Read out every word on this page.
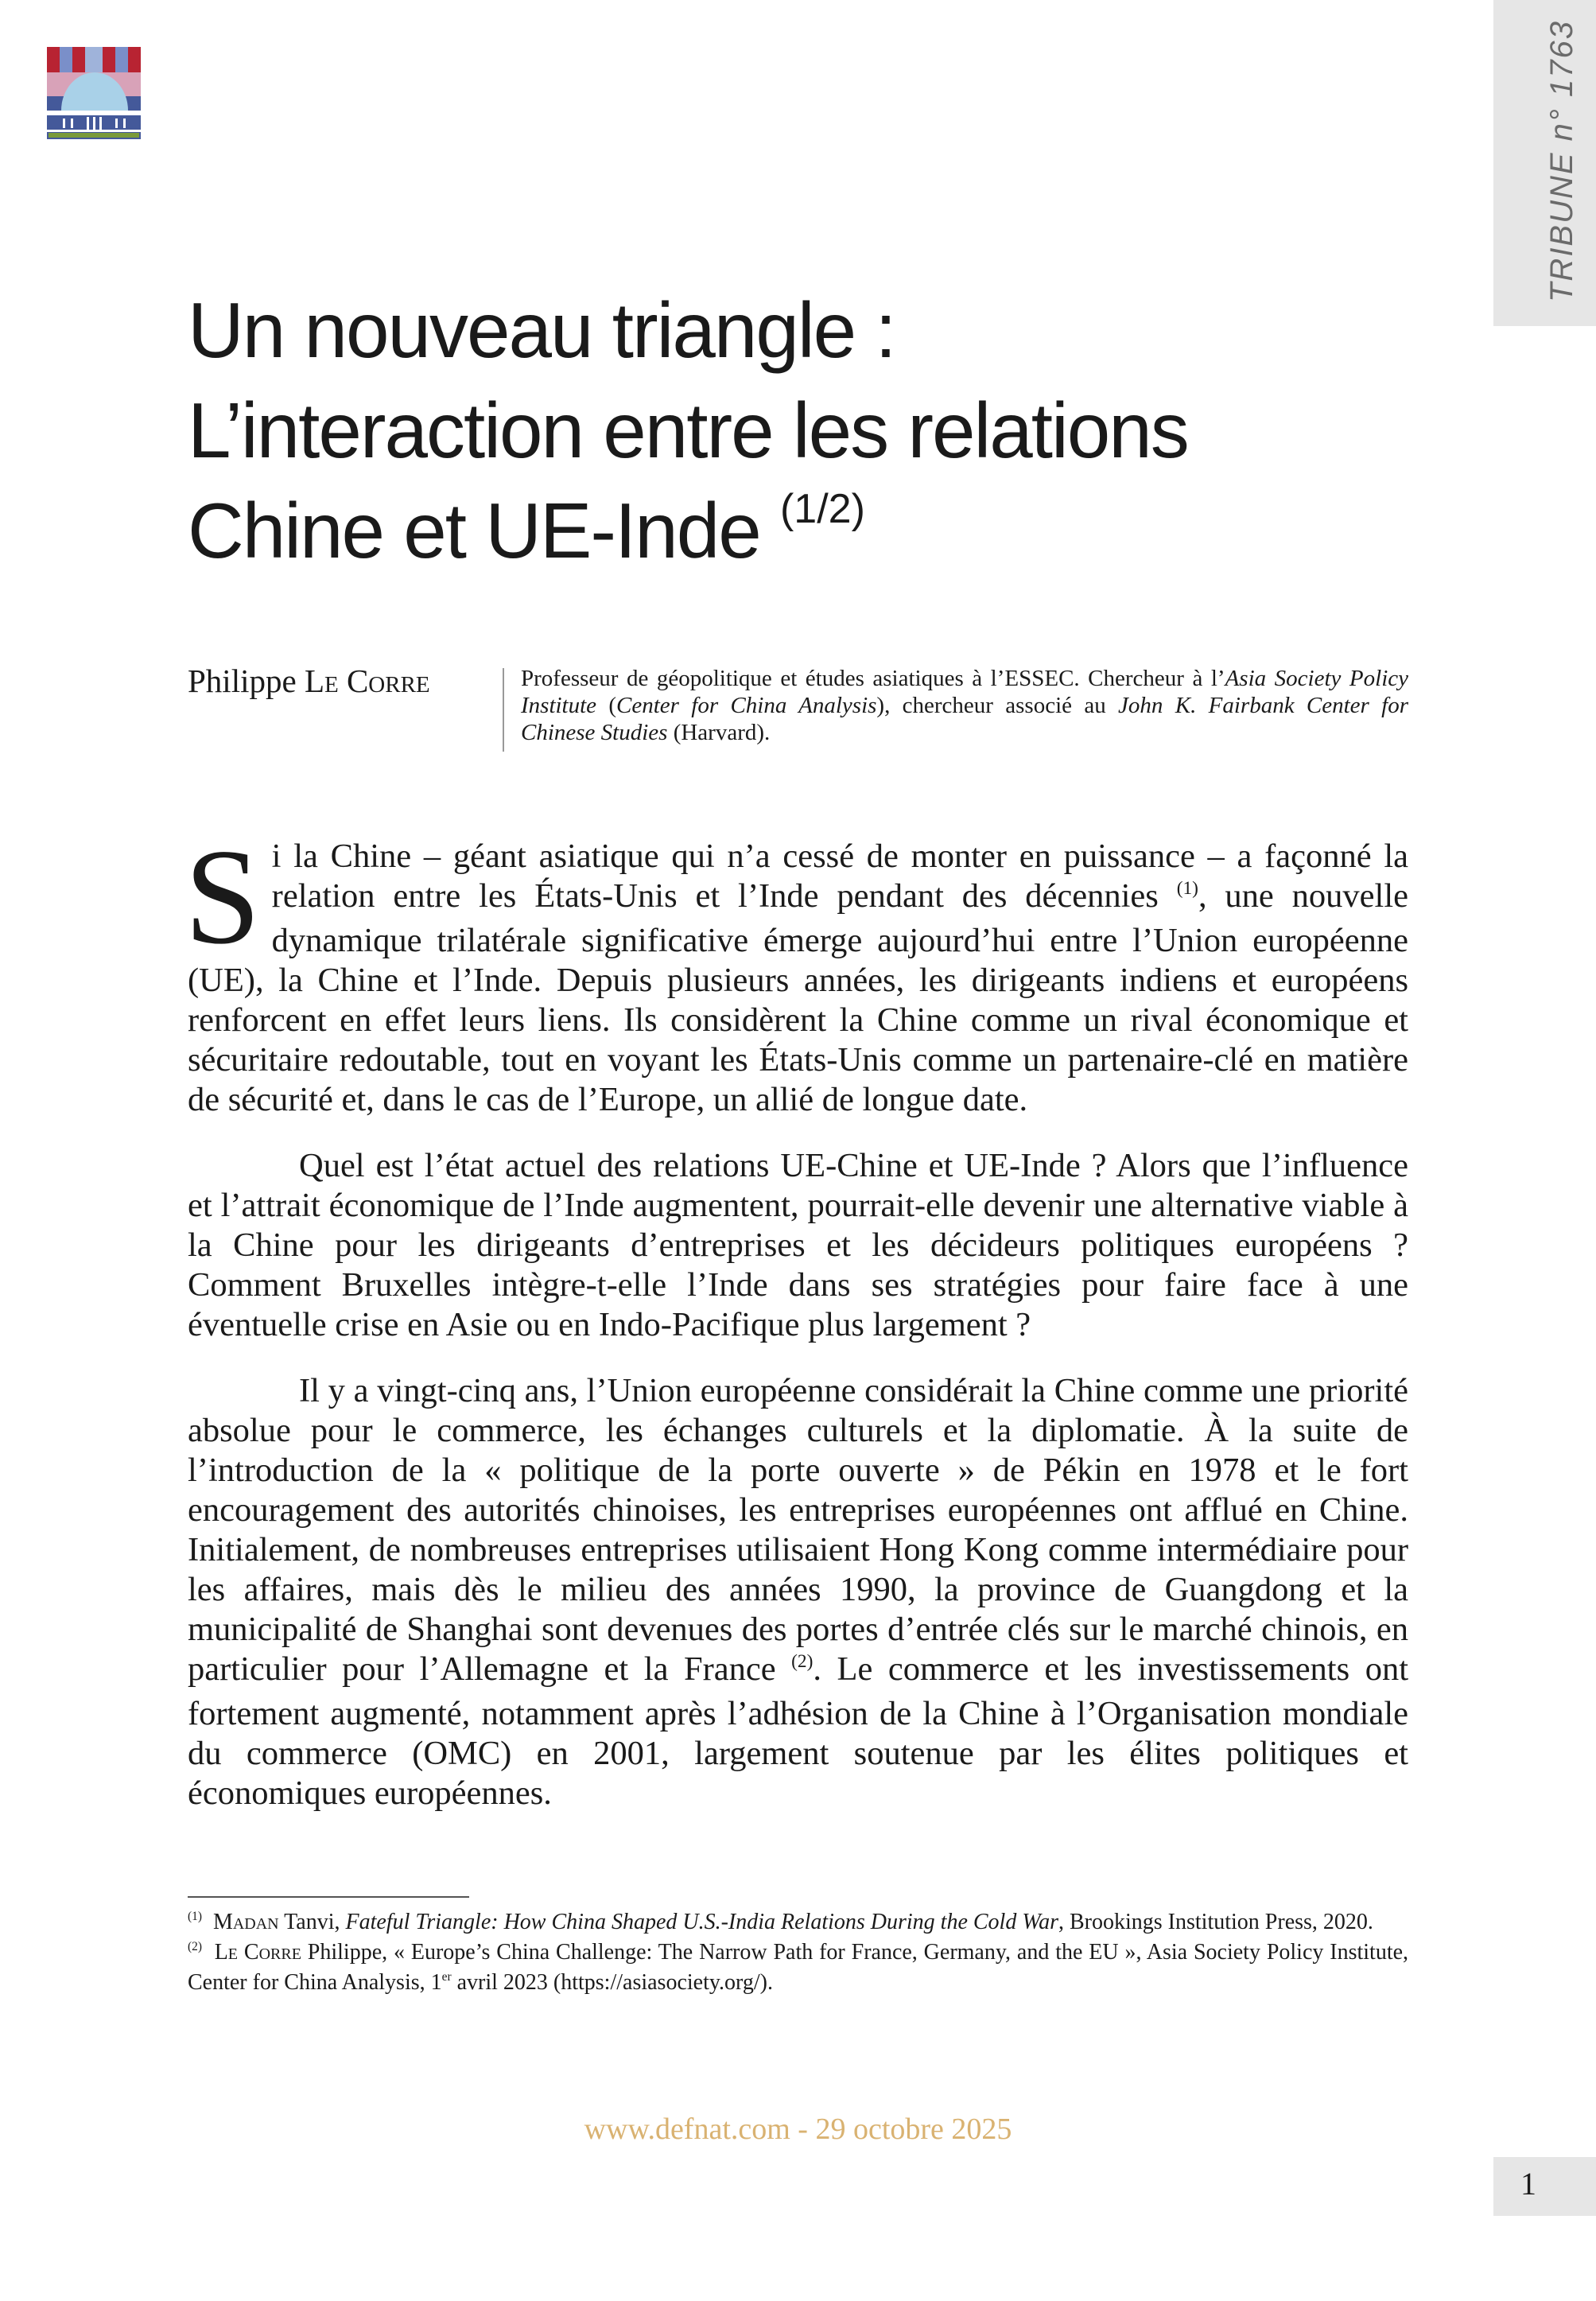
TRIBUNE n° 1763
Un nouveau triangle :
L’interaction entre les relations
Chine et UE-Inde $^{(1/2)}$
Philippe Le Corre	Professeur de géopolitique et études asiatiques à l’ESSEC. Chercheur à l’Asia Society Policy Institute (Center for China Analysis), chercheur associé au John K. Fairbank Center for Chinese Studies (Harvard).

Si la Chine – géant asiatique qui n’a cessé de monter en puissance – a façonné la relation entre les États-Unis et l’Inde pendant des décennies $^{(1)}$, une nouvelle dynamique trilatérale significative émerge aujourd’hui entre l’Union européenne (UE), la Chine et l’Inde. Depuis plusieurs années, les dirigeants indiens et européens renforcent en effet leurs liens. Ils considèrent la Chine comme un rival économique et sécuritaire redoutable, tout en voyant les États-Unis comme un partenaire-clé en matière de sécurité et, dans le cas de l’Europe, un allié de longue date.

Quel est l’état actuel des relations UE-Chine et UE-Inde ? Alors que l’influence et l’attrait économique de l’Inde augmentent, pourrait-elle devenir une alternative viable à la Chine pour les dirigeants d’entreprises et les décideurs politiques européens ? Comment Bruxelles intègre-t-elle l’Inde dans ses stratégies pour faire face à une éventuelle crise en Asie ou en Indo-Pacifique plus largement ?

Il y a vingt-cinq ans, l’Union européenne considérait la Chine comme une priorité absolue pour le commerce, les échanges culturels et la diplomatie. À la suite de l’introduction de la « politique de la porte ouverte » de Pékin en 1978 et le fort encouragement des autorités chinoises, les entreprises européennes ont afflué en Chine. Initialement, de nombreuses entreprises utilisaient Hong Kong comme intermédiaire pour les affaires, mais dès le milieu des années 1990, la province de Guangdong et la municipalité de Shanghai sont devenues des portes d’entrée clés sur le marché chinois, en particulier pour l’Allemagne et la France $^{(2)}$. Le commerce et les investissements ont fortement augmenté, notamment après l’adhésion de la Chine à l’Organisation mondiale du commerce (OMC) en 2001, largement soutenue par les élites politiques et économiques européennes.

$^{(1)}$ Madan Tanvi, Fateful Triangle: How China Shaped U.S.-India Relations During the Cold War, Brookings Institution Press, 2020.

$^{(2)}$ Le Corre Philippe, « Europe’s China Challenge: The Narrow Path for France, Germany, and the EU », Asia Society Policy Institute, Center for China Analysis, 1er avril 2023 (https://asiasociety.org/).

www.defnat.com - 29 octobre 2025
1
